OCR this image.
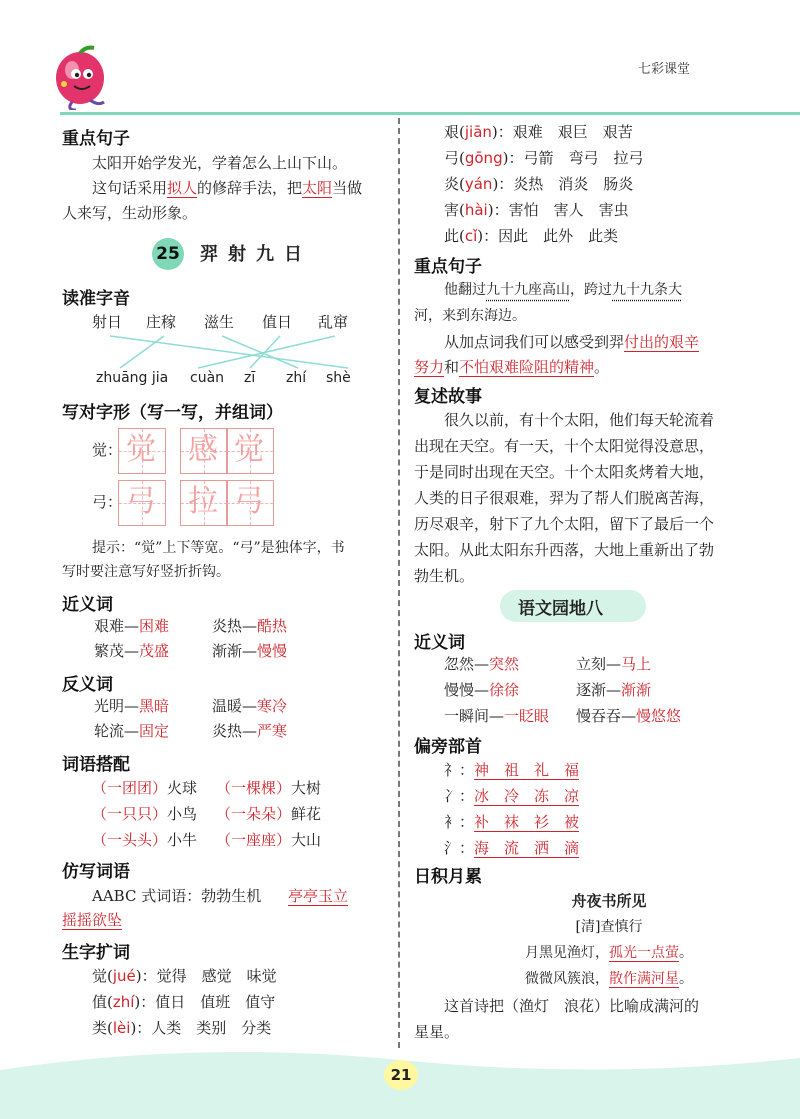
七彩课堂
重点句子
太阳开始学发光，学着怎么上山下山。
这句话采用拟人的修辞手法，把太阳当做
人来写，生动形象。
25 羿射九日
读准字音
射日 庄稼 滋生 值日 乱窜
zhuāng jia cuàn zī zhí shè
写对字形（写一写，并组词）
觉： 觉 感 觉
弓： 弓 拉 弓
提示：“觉”上下等宽。“弓”是独体字，书
写时要注意写好竖折折钩。
近义词
艰难—困难	炎热—酷热
繁茂—茂盛	渐渐—慢慢
反义词
光明—黑暗	温暖—寒冷
轮流—固定	炎热—严寒
词语搭配
（一团团）火球 （一棵棵）大树
（一只只）小鸟 （一朵朵）鲜花
（一头头）小牛 （一座座）大山
仿写词语
AABC 式词语：勃勃生机 亭亭玉立
摇摇欲坠
生字扩词
觉(jué)：觉得　感觉　味觉
值(zhí)：值日　值班　值守
类(lèi)：人类　类别　分类
艰(jiān)：艰难　艰巨　艰苦
弓(gōng)：弓箭　弯弓　拉弓
炎(yán)：炎热　消炎　肠炎
害(hài)：害怕　害人　害虫
此(cǐ)：因此　此外　此类
重点句子
他翻过九十九座高山，跨过九十九条大
河，来到东海边。
从加点词我们可以感受到羿付出的艰辛
努力和不怕艰难险阻的精神。
复述故事
很久以前，有十个太阳，他们每天轮流着
出现在天空。有一天，十个太阳觉得没意思，
于是同时出现在天空。十个太阳炙烤着大地，
人类的日子很艰难，羿为了帮人们脱离苦海，
历尽艰辛，射下了九个太阳，留下了最后一个
太阳。从此太阳东升西落，大地上重新出了勃
勃生机。
语文园地八
近义词
忽然—突然	立刻—马上
慢慢—徐徐	逐渐—渐渐
一瞬间—一眨眼 慢吞吞—慢悠悠
偏旁部首
礻：神　祖　礼　福
冫：冰　冷　冻　凉
衤：补　袜　衫　被
氵：海　流　洒　滴
日积月累
舟夜书所见
[清]查慎行
月黑见渔灯，孤光一点萤。
微微风簇浪，散作满河星。
这首诗把（渔灯　浪花）比喻成满河的
星星。
21
